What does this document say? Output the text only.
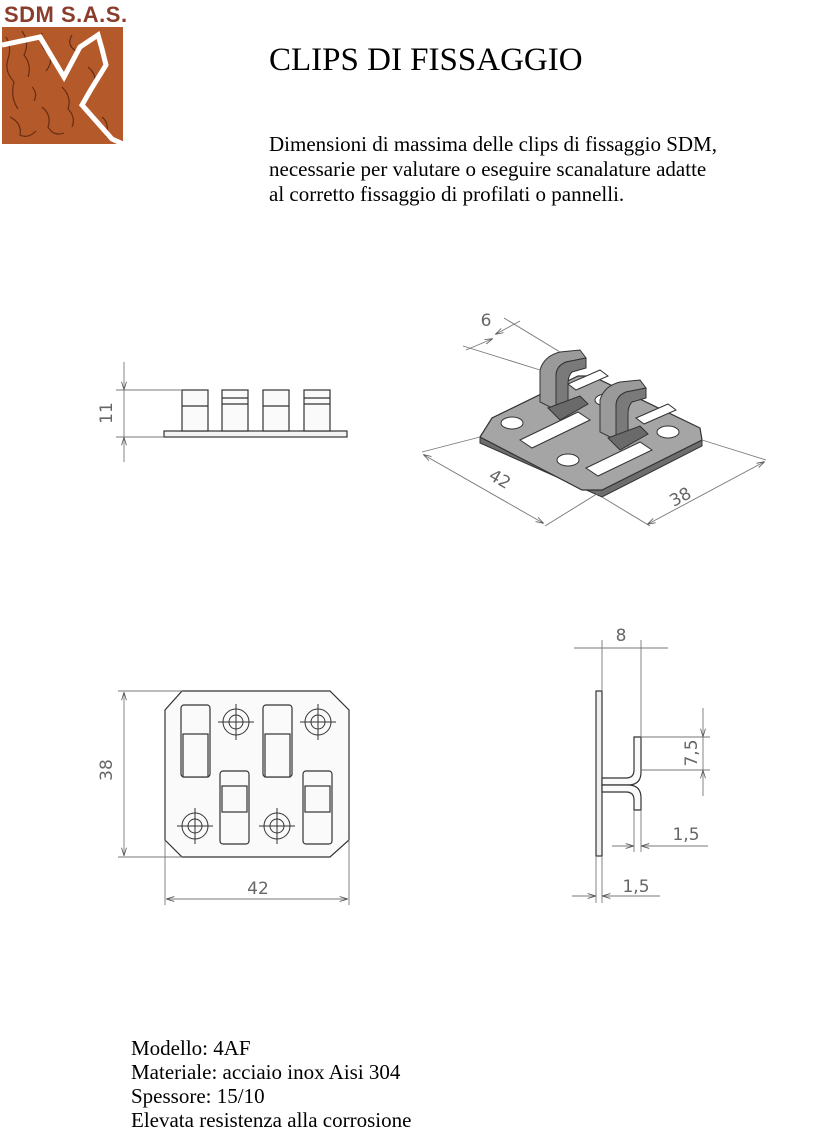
SDM S.A.S.
CLIPS DI FISSAGGIO
Dimensioni di massima delle clips di fissaggio SDM,
necessarie per valutare o eseguire scanalature adatte
al corretto fissaggio di profilati o pannelli.
11
6
42
38
38
42
8
7,5
1,5
1,5
Modello: 4AF
Materiale: acciaio inox Aisi 304
Spessore: 15/10
Elevata resistenza alla corrosione
